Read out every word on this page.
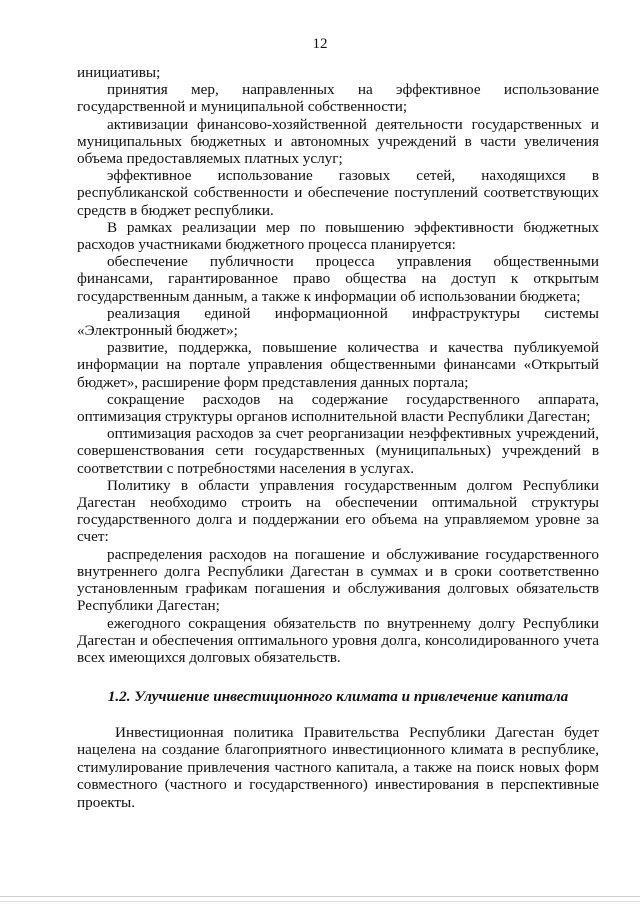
12

инициативы;

принятия мер, направленных на эффективное использование государственной и муниципальной собственности;

активизации финансово-хозяйственной деятельности государственных и муниципальных бюджетных и автономных учреждений в части увеличения объема предоставляемых платных услуг;

эффективное использование газовых сетей, находящихся в республиканской собственности и обеспечение поступлений соответствующих средств в бюджет республики.

В рамках реализации мер по повышению эффективности бюджетных расходов участниками бюджетного процесса планируется:

обеспечение публичности процесса управления общественными финансами, гарантированное право общества на доступ к открытым государственным данным, а также к информации об использовании бюджета;

реализация единой информационной инфраструктуры системы «Электронный бюджет»;

развитие, поддержка, повышение количества и качества публикуемой информации на портале управления общественными финансами «Открытый бюджет», расширение форм представления данных портала;

сокращение расходов на содержание государственного аппарата, оптимизация структуры органов исполнительной власти Республики Дагестан;

оптимизация расходов за счет реорганизации неэффективных учреждений, совершенствования сети государственных (муниципальных) учреждений в соответствии с потребностями населения в услугах.

Политику в области управления государственным долгом Республики Дагестан необходимо строить на обеспечении оптимальной структуры государственного долга и поддержании его объема на управляемом уровне за счет:

распределения расходов на погашение и обслуживание государственного внутреннего долга Республики Дагестан в суммах и в сроки соответственно установленным графикам погашения и обслуживания долговых обязательств Республики Дагестан;

ежегодного сокращения обязательств по внутреннему долгу Республики Дагестан и обеспечения оптимального уровня долга, консолидированного учета всех имеющихся долговых обязательств.

1.2. Улучшение инвестиционного климата и привлечение капитала

Инвестиционная политика Правительства Республики Дагестан будет нацелена на создание благоприятного инвестиционного климата в республике, стимулирование привлечения частного капитала, а также на поиск новых форм совместного (частного и государственного) инвестирования в перспективные проекты.
